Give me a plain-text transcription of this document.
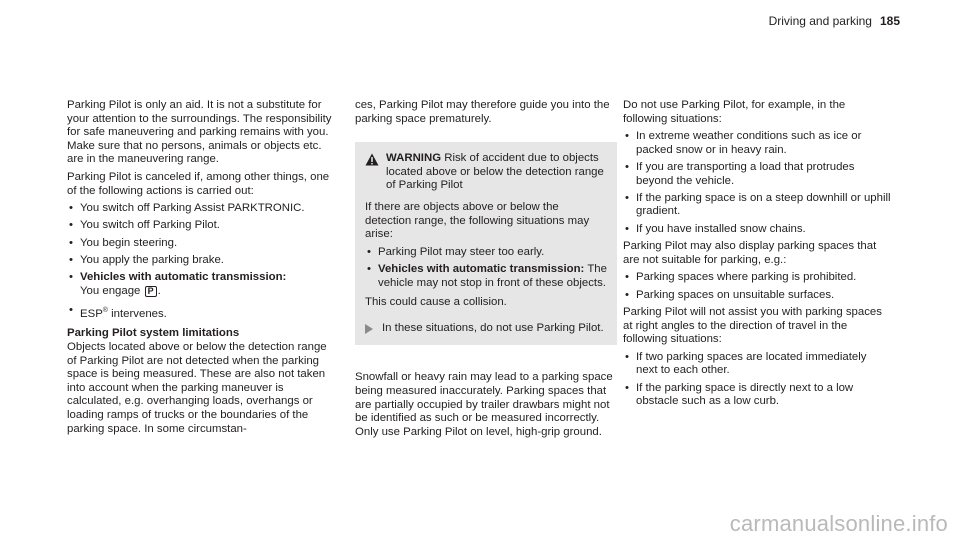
Driving and parking 185

Parking Pilot is only an aid. It is not a substitute for your attention to the surroundings. The responsibility for safe maneuvering and parking remains with you. Make sure that no persons, animals or objects etc. are in the maneuvering range.

Parking Pilot is canceled if, among other things, one of the following actions is carried out:

• You switch off Parking Assist PARKTRONIC.
• You switch off Parking Pilot.
• You begin steering.
• You apply the parking brake.
• Vehicles with automatic transmission:
You engage P .
• ESP® intervenes.

Parking Pilot system limitations

Objects located above or below the detection range of Parking Pilot are not detected when the parking space is being measured. These are also not taken into account when the parking maneuver is calculated, e.g. overhanging loads, overhangs or loading ramps of trucks or the boundaries of the parking space. In some circumstan-

ces, Parking Pilot may therefore guide you into the parking space prematurely.

WARNING Risk of accident due to objects located above or below the detection range of Parking Pilot

If there are objects above or below the detection range, the following situations may arise:

• Parking Pilot may steer too early.
• Vehicles with automatic transmission: The vehicle may not stop in front of these objects.

This could cause a collision.

In these situations, do not use Parking Pilot.

Snowfall or heavy rain may lead to a parking space being measured inaccurately. Parking spaces that are partially occupied by trailer drawbars might not be identified as such or be measured incorrectly. Only use Parking Pilot on level, high-grip ground.

Do not use Parking Pilot, for example, in the following situations:

• In extreme weather conditions such as ice or packed snow or in heavy rain.
• If you are transporting a load that protrudes beyond the vehicle.
• If the parking space is on a steep downhill or uphill gradient.
• If you have installed snow chains.

Parking Pilot may also display parking spaces that are not suitable for parking, e.g.:

• Parking spaces where parking is prohibited.
• Parking spaces on unsuitable surfaces.

Parking Pilot will not assist you with parking spaces at right angles to the direction of travel in the following situations:

• If two parking spaces are located immediately next to each other.
• If the parking space is directly next to a low obstacle such as a low curb.
carmanualsonline.info
